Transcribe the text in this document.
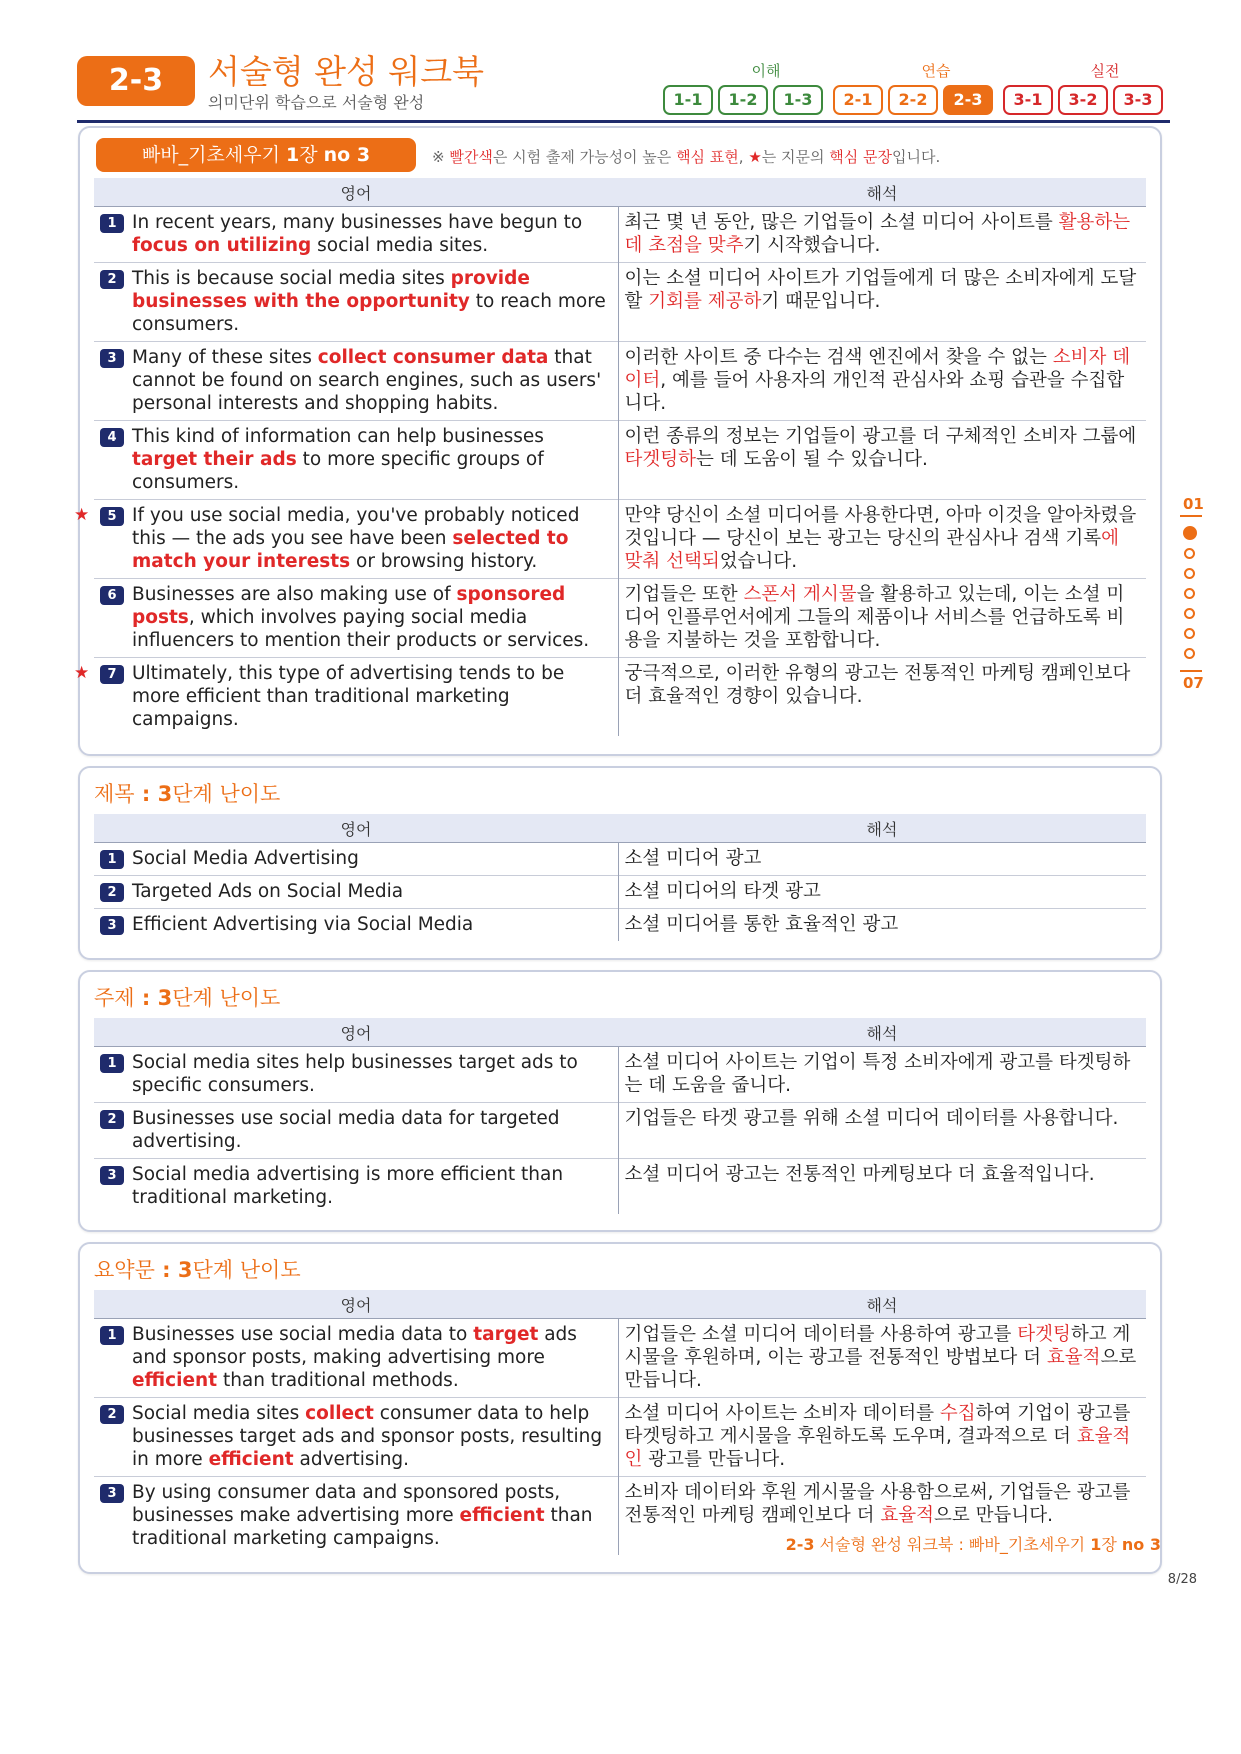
2-3	서술형 완성 워크북
의미단위 학습으로 서술형 완성
이해	연습	실전
1-1	1-2	1-3	2-1	2-2	2-3	3-1	3-2	3-3
01
07
빠바_기초세우기 1장 no 3	※ 빨간색은 시험 출제 가능성이 높은 핵심 표현, ★는 지문의 핵심 문장입니다.
영어	해석

1 In recent years, many businesses have begun to focus on utilizing social media sites.	최근 몇 년 동안, 많은 기업들이 소셜 미디어 사이트를 활용하는 데 초점을 맞추기 시작했습니다.

2 This is because social media sites provide businesses with the opportunity to reach more consumers.	이는 소셜 미디어 사이트가 기업들에게 더 많은 소비자에게 도달할 기회를 제공하기 때문입니다.

3 Many of these sites collect consumer data that cannot be found on search engines, such as users' personal interests and shopping habits.	이러한 사이트 중 다수는 검색 엔진에서 찾을 수 없는 소비자 데이터, 예를 들어 사용자의 개인적 관심사와 쇼핑 습관을 수집합니다.

4 This kind of information can help businesses target their ads to more specific groups of consumers.	이런 종류의 정보는 기업들이 광고를 더 구체적인 소비자 그룹에 타겟팅하는 데 도움이 될 수 있습니다.

★ 5 If you use social media, you've probably noticed this — the ads you see have been selected to match your interests or browsing history.	만약 당신이 소셜 미디어를 사용한다면, 아마 이것을 알아차렸을 것입니다 — 당신이 보는 광고는 당신의 관심사나 검색 기록에 맞춰 선택되었습니다.

6 Businesses are also making use of sponsored posts, which involves paying social media influencers to mention their products or services.	기업들은 또한 스폰서 게시물을 활용하고 있는데, 이는 소셜 미디어 인플루언서에게 그들의 제품이나 서비스를 언급하도록 비용을 지불하는 것을 포함합니다.

★ 7 Ultimately, this type of advertising tends to be more efficient than traditional marketing campaigns.	궁극적으로, 이러한 유형의 광고는 전통적인 마케팅 캠페인보다 더 효율적인 경향이 있습니다.
제목 : 3단계 난이도
영어	해석

1 Social Media Advertising	소셜 미디어 광고

2 Targeted Ads on Social Media	소셜 미디어의 타겟 광고

3 Efficient Advertising via Social Media	소셜 미디어를 통한 효율적인 광고
주제 : 3단계 난이도
영어	해석

1 Social media sites help businesses target ads to specific consumers.	소셜 미디어 사이트는 기업이 특정 소비자에게 광고를 타겟팅하는 데 도움을 줍니다.

2 Businesses use social media data for targeted advertising.	기업들은 타겟 광고를 위해 소셜 미디어 데이터를 사용합니다.

3 Social media advertising is more efficient than traditional marketing.	소셜 미디어 광고는 전통적인 마케팅보다 더 효율적입니다.
요약문 : 3단계 난이도
영어	해석

1 Businesses use social media data to target ads and sponsor posts, making advertising more efficient than traditional methods.	기업들은 소셜 미디어 데이터를 사용하여 광고를 타겟팅하고 게시물을 후원하며, 이는 광고를 전통적인 방법보다 더 효율적으로 만듭니다.

2 Social media sites collect consumer data to help businesses target ads and sponsor posts, resulting in more efficient advertising.	소셜 미디어 사이트는 소비자 데이터를 수집하여 기업이 광고를 타겟팅하고 게시물을 후원하도록 도우며, 결과적으로 더 효율적인 광고를 만듭니다.

3 By using consumer data and sponsored posts, businesses make advertising more efficient than traditional marketing campaigns.	소비자 데이터와 후원 게시물을 사용함으로써, 기업들은 광고를 전통적인 마케팅 캠페인보다 더 효율적으로 만듭니다.
2-3 서술형 완성 워크북 : 빠바_기초세우기 1장 no 3
8/28
